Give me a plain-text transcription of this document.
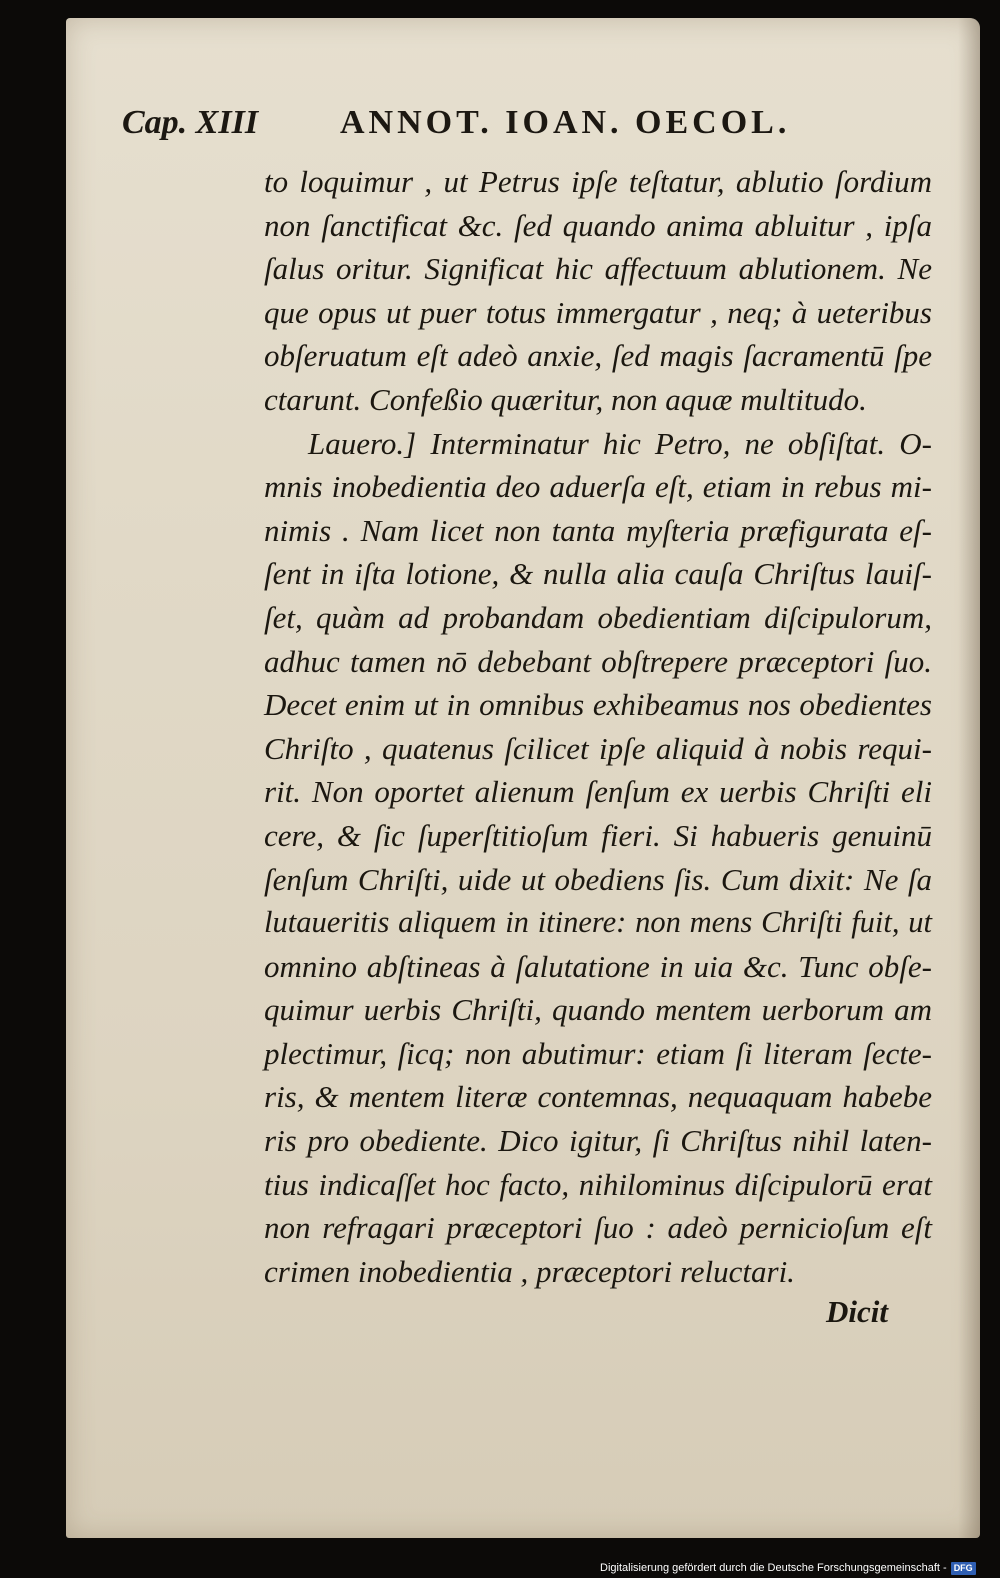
Cap. XIII ANNOT. IOAN. OECOL.
to loquimur , ut Petrus ipſe teſtatur, ablutio ſordium
non ſanctificat &c. ſed quando anima abluitur , ipſa
ſalus oritur. Significat hic affectuum ablutionem. Ne
que opus ut puer totus immergatur , neq; à ueteribus
obſeruatum eſt adeò anxie, ſed magis ſacramentū ſpe
ctarunt. Confeßio quæritur, non aquæ multitudo.
Lauero.] Interminatur hic Petro, ne obſiſtat. O-
mnis inobedientia deo aduerſa eſt, etiam in rebus mi-
nimis . Nam licet non tanta myſteria præfigurata eſ-
ſent in iſta lotione, & nulla alia cauſa Chriſtus lauiſ-
ſet, quàm ad probandam obedientiam diſcipulorum,
adhuc tamen nō debebant obſtrepere præceptori ſuo.
Decet enim ut in omnibus exhibeamus nos obedientes
Chriſto , quatenus ſcilicet ipſe aliquid à nobis requi-
rit. Non oportet alienum ſenſum ex uerbis Chriſti eli
cere, & ſic ſuperſtitioſum fieri. Si habueris genuinū
ſenſum Chriſti, uide ut obediens ſis. Cum dixit: Ne ſa
lutaueritis aliquem in itinere: non mens Chriſti fuit, ut
omnino abſtineas à ſalutatione in uia &c. Tunc obſe-
quimur uerbis Chriſti, quando mentem uerborum am
plectimur, ſicq; non abutimur: etiam ſi literam ſecte-
ris, & mentem literæ contemnas, nequaquam habebe
ris pro obediente. Dico igitur, ſi Chriſtus nihil laten-
tius indicaſſet hoc facto, nihilominus diſcipulorū erat
non refragari præceptori ſuo : adeò pernicioſum eſt
crimen inobedientia , præceptori reluctari.
Dicit
Digitalisierung gefördert durch die Deutsche Forschungsgemeinschaft - DFG
